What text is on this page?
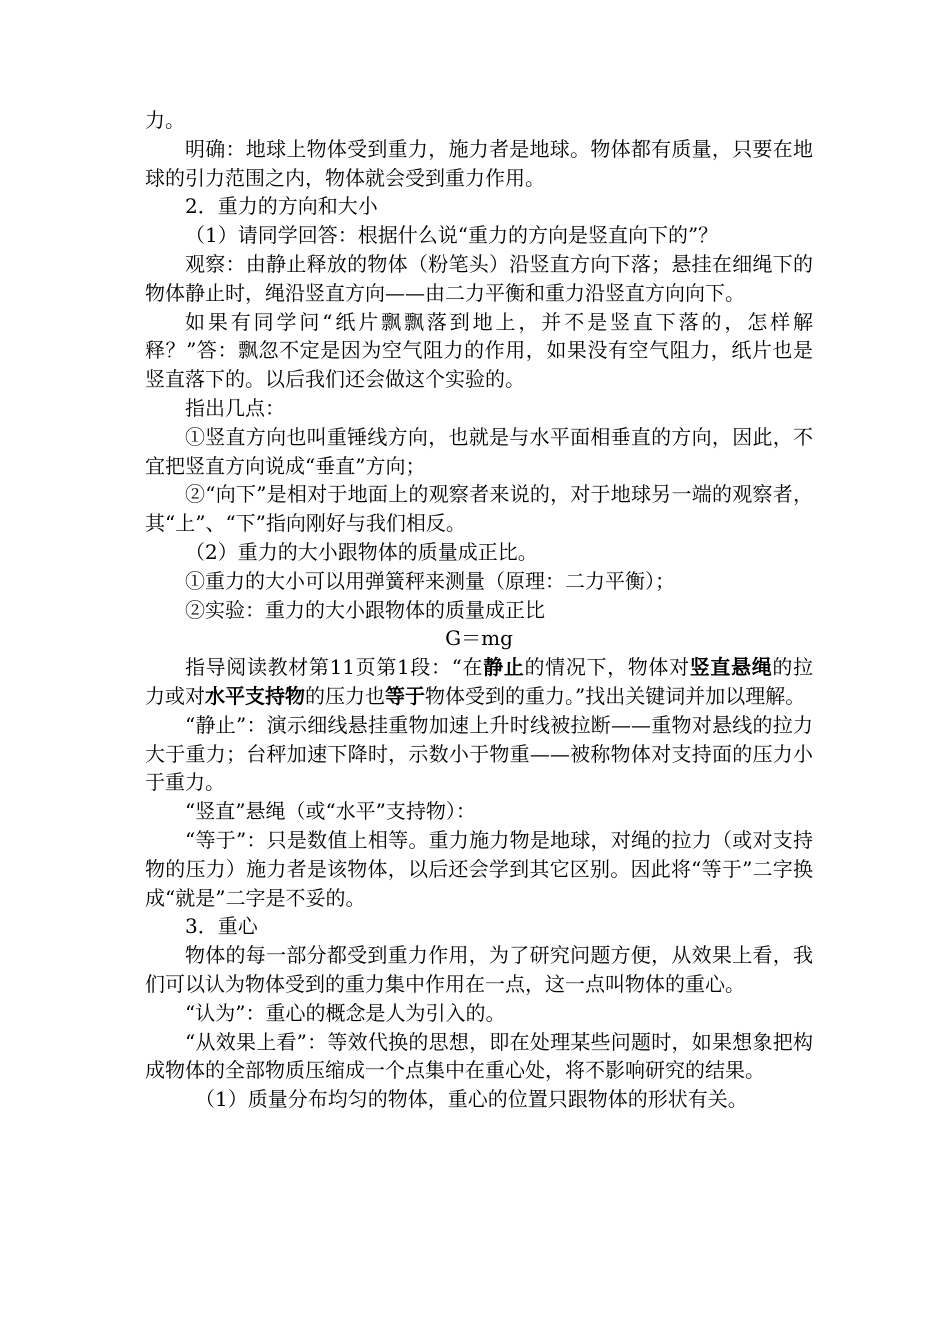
力。

明确：地球上物体受到重力，施力者是地球。物体都有质量，只要在地球的引力范围之内，物体就会受到重力作用。

2．重力的方向和大小

（1）请同学回答：根据什么说“重力的方向是竖直向下的”？

观察：由静止释放的物体（粉笔头）沿竖直方向下落；悬挂在细绳下的物体静止时，绳沿竖直方向——由二力平衡和重力沿竖直方向向下。

如果有同学问“纸片飘飘落到地上，并不是竖直下落的，怎样解释？”答：飘忽不定是因为空气阻力的作用，如果没有空气阻力，纸片也是竖直落下的。以后我们还会做这个实验的。

指出几点：

①竖直方向也叫重锤线方向，也就是与水平面相垂直的方向，因此，不宜把竖直方向说成“垂直”方向；

②“向下”是相对于地面上的观察者来说的，对于地球另一端的观察者，其“上”、“下”指向刚好与我们相反。

（2）重力的大小跟物体的质量成正比。

①重力的大小可以用弹簧秤来测量（原理：二力平衡）；

②实验：重力的大小跟物体的质量成正比

G＝mg

指导阅读教材第11页第1段：“在静止的情况下，物体对竖直悬绳的拉力或对水平支持物的压力也等于物体受到的重力。”找出关键词并加以理解。

“静止”：演示细线悬挂重物加速上升时线被拉断——重物对悬线的拉力大于重力；台秤加速下降时，示数小于物重——被称物体对支持面的压力小于重力。

“竖直”悬绳（或“水平”支持物）：

“等于”：只是数值上相等。重力施力物是地球，对绳的拉力（或对支持物的压力）施力者是该物体，以后还会学到其它区别。因此将“等于”二字换成“就是”二字是不妥的。

3．重心

物体的每一部分都受到重力作用，为了研究问题方便，从效果上看，我们可以认为物体受到的重力集中作用在一点，这一点叫物体的重心。

“认为”：重心的概念是人为引入的。

“从效果上看”：等效代换的思想，即在处理某些问题时，如果想象把构成物体的全部物质压缩成一个点集中在重心处，将不影响研究的结果。

（1）质量分布均匀的物体，重心的位置只跟物体的形状有关。
